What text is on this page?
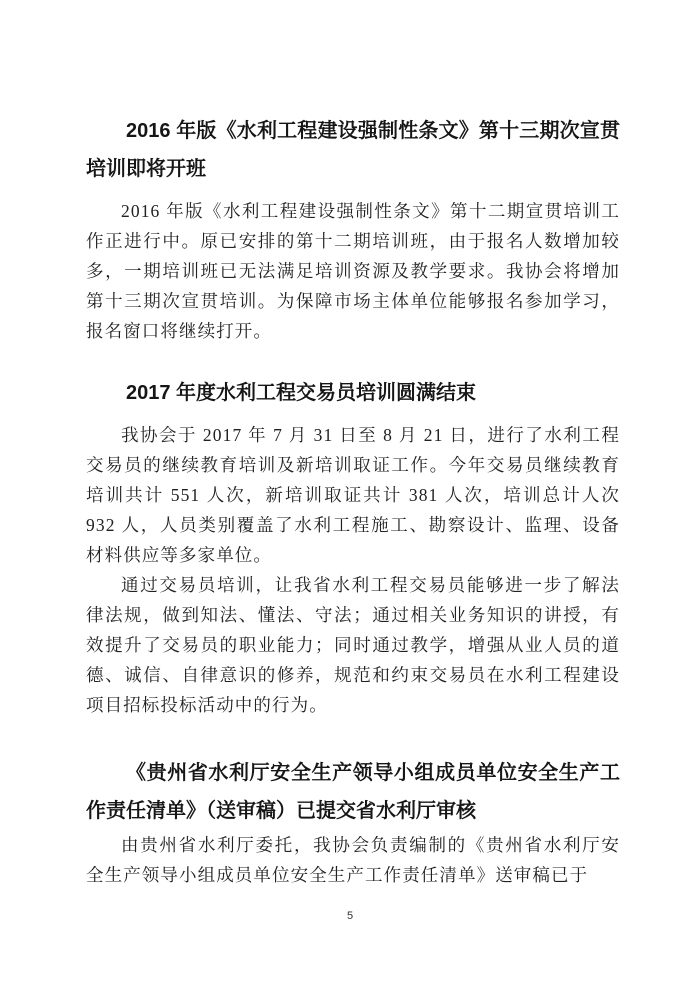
2016 年版《水利工程建设强制性条文》第十三期次宣贯培训即将开班

2016 年版《水利工程建设强制性条文》第十二期宣贯培训工作正进行中。原已安排的第十二期培训班，由于报名人数增加较多，一期培训班已无法满足培训资源及教学要求。我协会将增加第十三期次宣贯培训。为保障市场主体单位能够报名参加学习，报名窗口将继续打开。

2017 年度水利工程交易员培训圆满结束

我协会于 2017 年 7 月 31 日至 8 月 21 日，进行了水利工程交易员的继续教育培训及新培训取证工作。今年交易员继续教育培训共计 551 人次，新培训取证共计 381 人次，培训总计人次 932 人，人员类别覆盖了水利工程施工、勘察设计、监理、设备材料供应等多家单位。

通过交易员培训，让我省水利工程交易员能够进一步了解法律法规，做到知法、懂法、守法；通过相关业务知识的讲授，有效提升了交易员的职业能力；同时通过教学，增强从业人员的道德、诚信、自律意识的修养，规范和约束交易员在水利工程建设项目招标投标活动中的行为。

《贵州省水利厅安全生产领导小组成员单位安全生产工作责任清单》（送审稿）已提交省水利厅审核

由贵州省水利厅委托，我协会负责编制的《贵州省水利厅安全生产领导小组成员单位安全生产工作责任清单》送审稿已于

5
